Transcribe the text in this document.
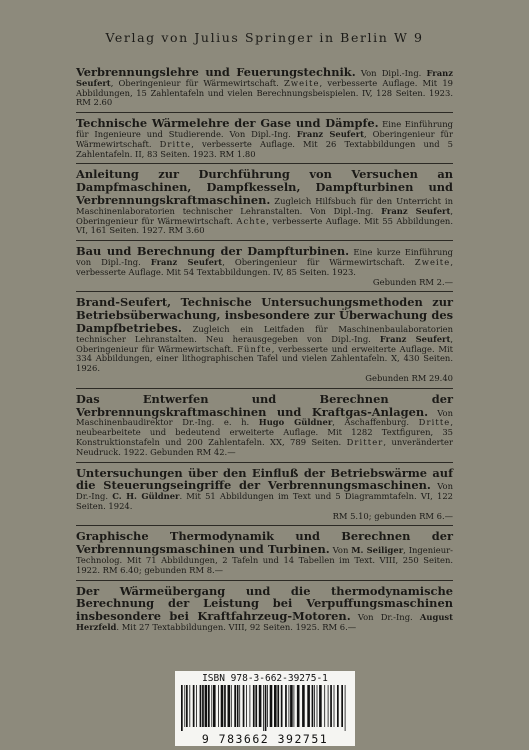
Verlag von Julius Springer in Berlin W 9
Verbrennungslehre und Feuerungstechnik. Von Dipl.-Ing. Franz Seufert, Oberingenieur für Wärmewirtschaft. Zweite, verbesserte Auflage. Mit 19 Abbildungen, 15 Zahlentafeln und vielen Berechnungsbeispielen. IV, 128 Seiten. 1923. RM 2.60
Technische Wärmelehre der Gase und Dämpfe. Eine Einführung für Ingenieure und Studierende. Von Dipl.-Ing. Franz Seufert, Oberingenieur für Wärmewirtschaft. Dritte, verbesserte Auflage. Mit 26 Textabbildungen und 5 Zahlentafeln. II, 83 Seiten. 1923. RM 1.80
Anleitung zur Durchführung von Versuchen an Dampfmaschinen, Dampfkesseln, Dampfturbinen und Verbrennungskraftmaschinen. Zugleich Hilfsbuch für den Unterricht in Maschinenlaboratorien technischer Lehranstalten. Von Dipl.-Ing. Franz Seufert, Oberingenieur für Wärmewirtschaft. Achte, verbesserte Auflage. Mit 55 Abbildungen. VI, 161 Seiten. 1927. RM 3.60
Bau und Berechnung der Dampfturbinen. Eine kurze Einführung von Dipl.-Ing. Franz Seufert, Oberingenieur für Wärmewirtschaft. Zweite, verbesserte Auflage. Mit 54 Textabbildungen. IV, 85 Seiten. 1923.
Gebunden RM 2.—
Brand-Seufert, Technische Untersuchungsmethoden zur Betriebsüberwachung, insbesondere zur Überwachung des Dampfbetriebes. Zugleich ein Leitfaden für Maschinenbaulaboratorien technischer Lehranstalten. Neu herausgegeben von Dipl.-Ing. Franz Seufert, Oberingenieur für Wärmewirtschaft. Fünfte, verbesserte und erweiterte Auflage. Mit 334 Abbildungen, einer lithographischen Tafel und vielen Zahlentafeln. X, 430 Seiten. 1926.
Gebunden RM 29.40
Das Entwerfen und Berechnen der Verbrennungskraftmaschinen und Kraftgas-Anlagen. Von Maschinenbaudirektor Dr.-Ing. e. h. Hugo Güldner, Aschaffenburg. Dritte, neubearbeitete und bedeutend erweiterte Auflage. Mit 1282 Textfiguren, 35 Konstruktionstafeln und 200 Zahlentafeln. XX, 789 Seiten. Dritter, unveränderter Neudruck. 1922. Gebunden RM 42.—
Untersuchungen über den Einfluß der Betriebswärme auf die Steuerungseingriffe der Verbrennungsmaschinen. Von Dr.-Ing. C. H. Güldner. Mit 51 Abbildungen im Text und 5 Diagrammtafeln. VI, 122 Seiten. 1924.
RM 5.10; gebunden RM 6.—
Graphische Thermodynamik und Berechnen der Verbrennungsmaschinen und Turbinen. Von M. Seiliger, Ingenieur-Technolog. Mit 71 Abbildungen, 2 Tafeln und 14 Tabellen im Text. VIII, 250 Seiten. 1922. RM 6.40; gebunden RM 8.—
Der Wärmeübergang und die thermodynamische Berechnung der Leistung bei Verpuffungsmaschinen insbesondere bei Kraftfahrzeug-Motoren. Von Dr.-Ing. August Herzfeld. Mit 27 Textabbildungen. VIII, 92 Seiten. 1925. RM 6.—
ISBN 978-3-662-39275-1
9 783662 392751
